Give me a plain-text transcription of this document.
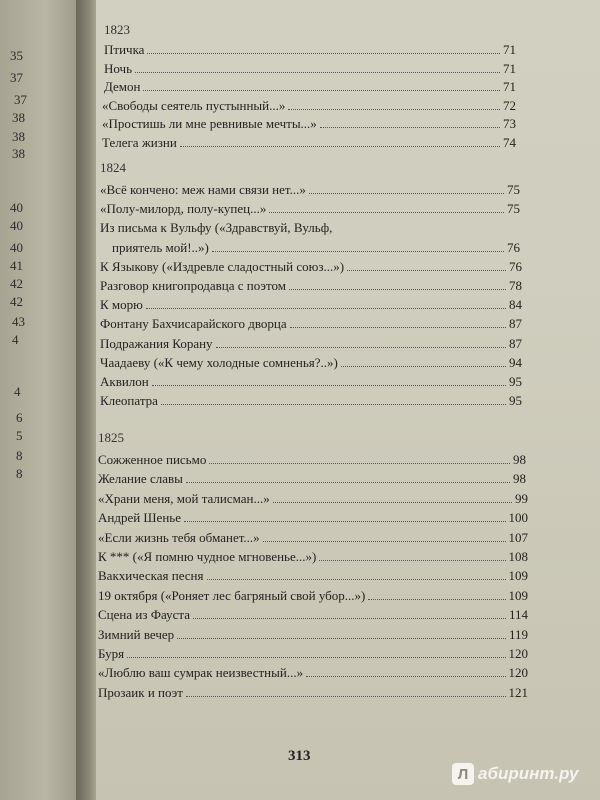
35
37
37
38
38
38
40
40
40
41
42
42
43
4
4
6
5
8
8
1823
Птичка	71
Ночь	71
Демон	71
«Свободы сеятель пустынный...»	72
«Простишь ли мне ревнивые мечты...»	73
Телега жизни	74
1824
«Всё кончено: меж нами связи нет...»	75
«Полу-милорд, полу-купец...»	75
Из письма к Вульфу («Здравствуй, Вульф,
приятель мой!..»)	76
К Языкову («Издревле сладостный союз...»)	76
Разговор книгопродавца с поэтом	78
К морю	84
Фонтану Бахчисарайского дворца	87
Подражания Корану	87
Чаадаеву («К чему холодные сомненья?..»)	94
Аквилон	95
Клеопатра	95
1825
Сожженное письмо	98
Желание славы	98
«Храни меня, мой талисман...»	99
Андрей Шенье	100
«Если жизнь тебя обманет...»	107
К *** («Я помню чудное мгновенье...»)	108
Вакхическая песня	109
19 октября («Роняет лес багряный свой убор...»)	109
Сцена из Фауста	114
Зимний вечер	119
Буря	120
«Люблю ваш сумрак неизвестный...»	120
Прозаик и поэт	121
313
Л абиринт.ру
